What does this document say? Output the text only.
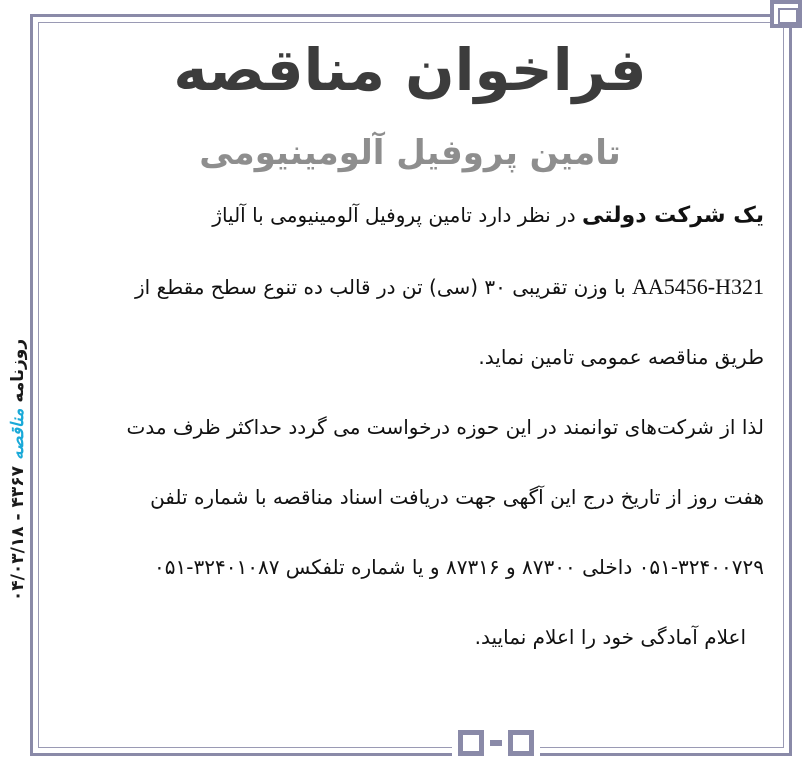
روزنامه
مناقصه
۴۳۶۷ - ۰۴/۰۳/۱۸
فراخوان مناقصه
تامین پروفیل آلومینیومی
یک شرکت دولتی در نظر دارد تامین پروفیل آلومینیومی با آلیاژ
AA5456-H321 با وزن تقریبی ۳۰ (سی) تن در قالب ده تنوع سطح مقطع از
طریق مناقصه عمومی تامین نماید.
لذا از شرکت‌های توانمند در این حوزه درخواست می گردد حداکثر ظرف مدت
هفت روز از تاریخ درج این آگهی جهت دریافت اسناد مناقصه با شماره تلفن
۰۵۱-۳۲۴۰۰۷۲۹ داخلی ۸۷۳۰۰ و ۸۷۳۱۶ و یا شماره تلفکس ۳۲۴۰۱۰۸۷-۰۵۱
اعلام آمادگی خود را اعلام نمایید.
